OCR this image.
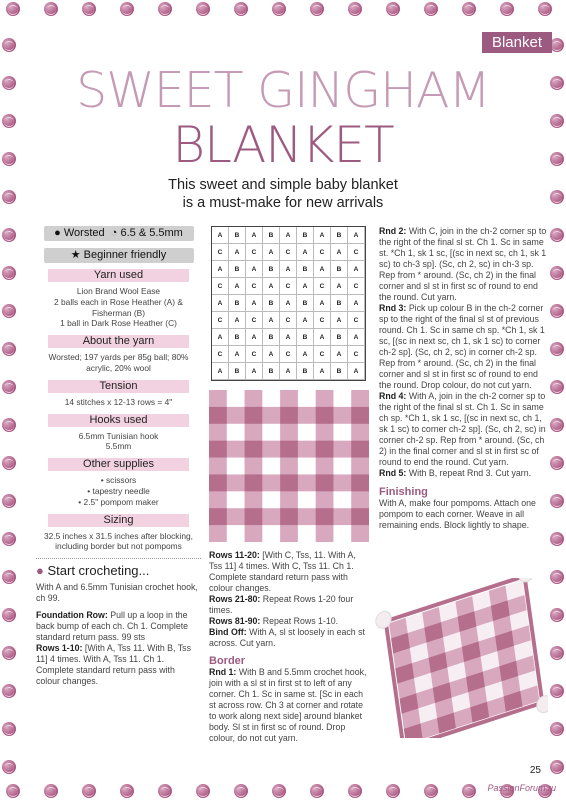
Blanket
SWEET GINGHAM
BLANKET
This sweet and simple baby blanket
is a must-make for new arrivals
● Worsted ◔ 6.5 & 5.5mm
★ Beginner friendly
Yarn used
Lion Brand Wool Ease
2 balls each in Rose Heather (A) &
Fisherman (B)
1 ball in Dark Rose Heather (C)
About the yarn
Worsted; 197 yards per 85g ball; 80%
acrylic, 20% wool
Tension
14 stitches x 12-13 rows = 4"
Hooks used
6.5mm Tunisian hook
5.5mm
Other supplies
• scissors
• tapestry needle
• 2.5" pompom maker
Sizing
32.5 inches x 31.5 inches after blocking,
including border but not pompoms
● Start crocheting...

With A and 6.5mm Tunisian crochet hook, ch 99.

Foundation Row: Pull up a loop in the back bump of each ch. Ch 1. Complete standard return pass. 99 sts

Rows 1-10: [With A, Tss 11. With B, Tss 11] 4 times. With A, Tss 11. Ch 1. Complete standard return pass with colour changes.

A	B	A	B	A	B	A	B	A
C	A	C	A	C	A	C	A	C
A	B	A	B	A	B	A	B	A
C	A	C	A	C	A	C	A	C
A	B	A	B	A	B	A	B	A
C	A	C	A	C	A	C	A	C
A	B	A	B	A	B	A	B	A
C	A	C	A	C	A	C	A	C
A	B	A	B	A	B	A	B	A

Rows 11-20: [With C, Tss, 11. With A, Tss 11] 4 times. With C, Tss 11. Ch 1. Complete standard return pass with colour changes.

Rows 21-80: Repeat Rows 1-20 four times.

Rows 81-90: Repeat Rows 1-10.

Bind Off: With A, sl st loosely in each st across. Cut yarn.

Border

Rnd 1: With B and 5.5mm crochet hook, join with a sl st in first st to left of any corner. Ch 1. Sc in same st. [Sc in each st across row. Ch 3 at corner and rotate to work along next side] around blanket body. Sl st in first sc of round. Drop colour, do not cut yarn.

Rnd 2: With C, join in the ch-2 corner sp to the right of the final sl st. Ch 1. Sc in same st. *Ch 1, sk 1 sc, [(sc in next sc, ch 1, sk 1 sc) to ch-3 sp]. (Sc, ch 2, sc) in ch-3 sp. Rep from * around. (Sc, ch 2) in the final corner and sl st in first sc of round to end the round. Cut yarn.

Rnd 3: Pick up colour B in the ch-2 corner sp to the right of the final sl st of previous round. Ch 1. Sc in same ch sp. *Ch 1, sk 1 sc, [(sc in next sc, ch 1, sk 1 sc) to corner ch-2 sp]. (Sc, ch 2, sc) in corner ch-2 sp. Rep from * around. (Sc, ch 2) in the final corner and sl st in first sc of round to end the round. Drop colour, do not cut yarn.

Rnd 4: With A, join in the ch-2 corner sp to the right of the final sl st. Ch 1. Sc in same ch sp. *Ch 1, sk 1 sc, [(sc in next sc, ch 1, sk 1 sc) to corner ch-2 sp]. (Sc, ch 2, sc) in corner ch-2 sp. Rep from * around. (Sc, ch 2) in the final corner and sl st in first sc of round to end the round. Cut yarn.

Rnd 5: With B, repeat Rnd 3. Cut yarn.

Finishing

With A, make four pompoms. Attach one pompom to each corner. Weave in all remaining ends. Block lightly to shape.

25
PassionForum.ru
